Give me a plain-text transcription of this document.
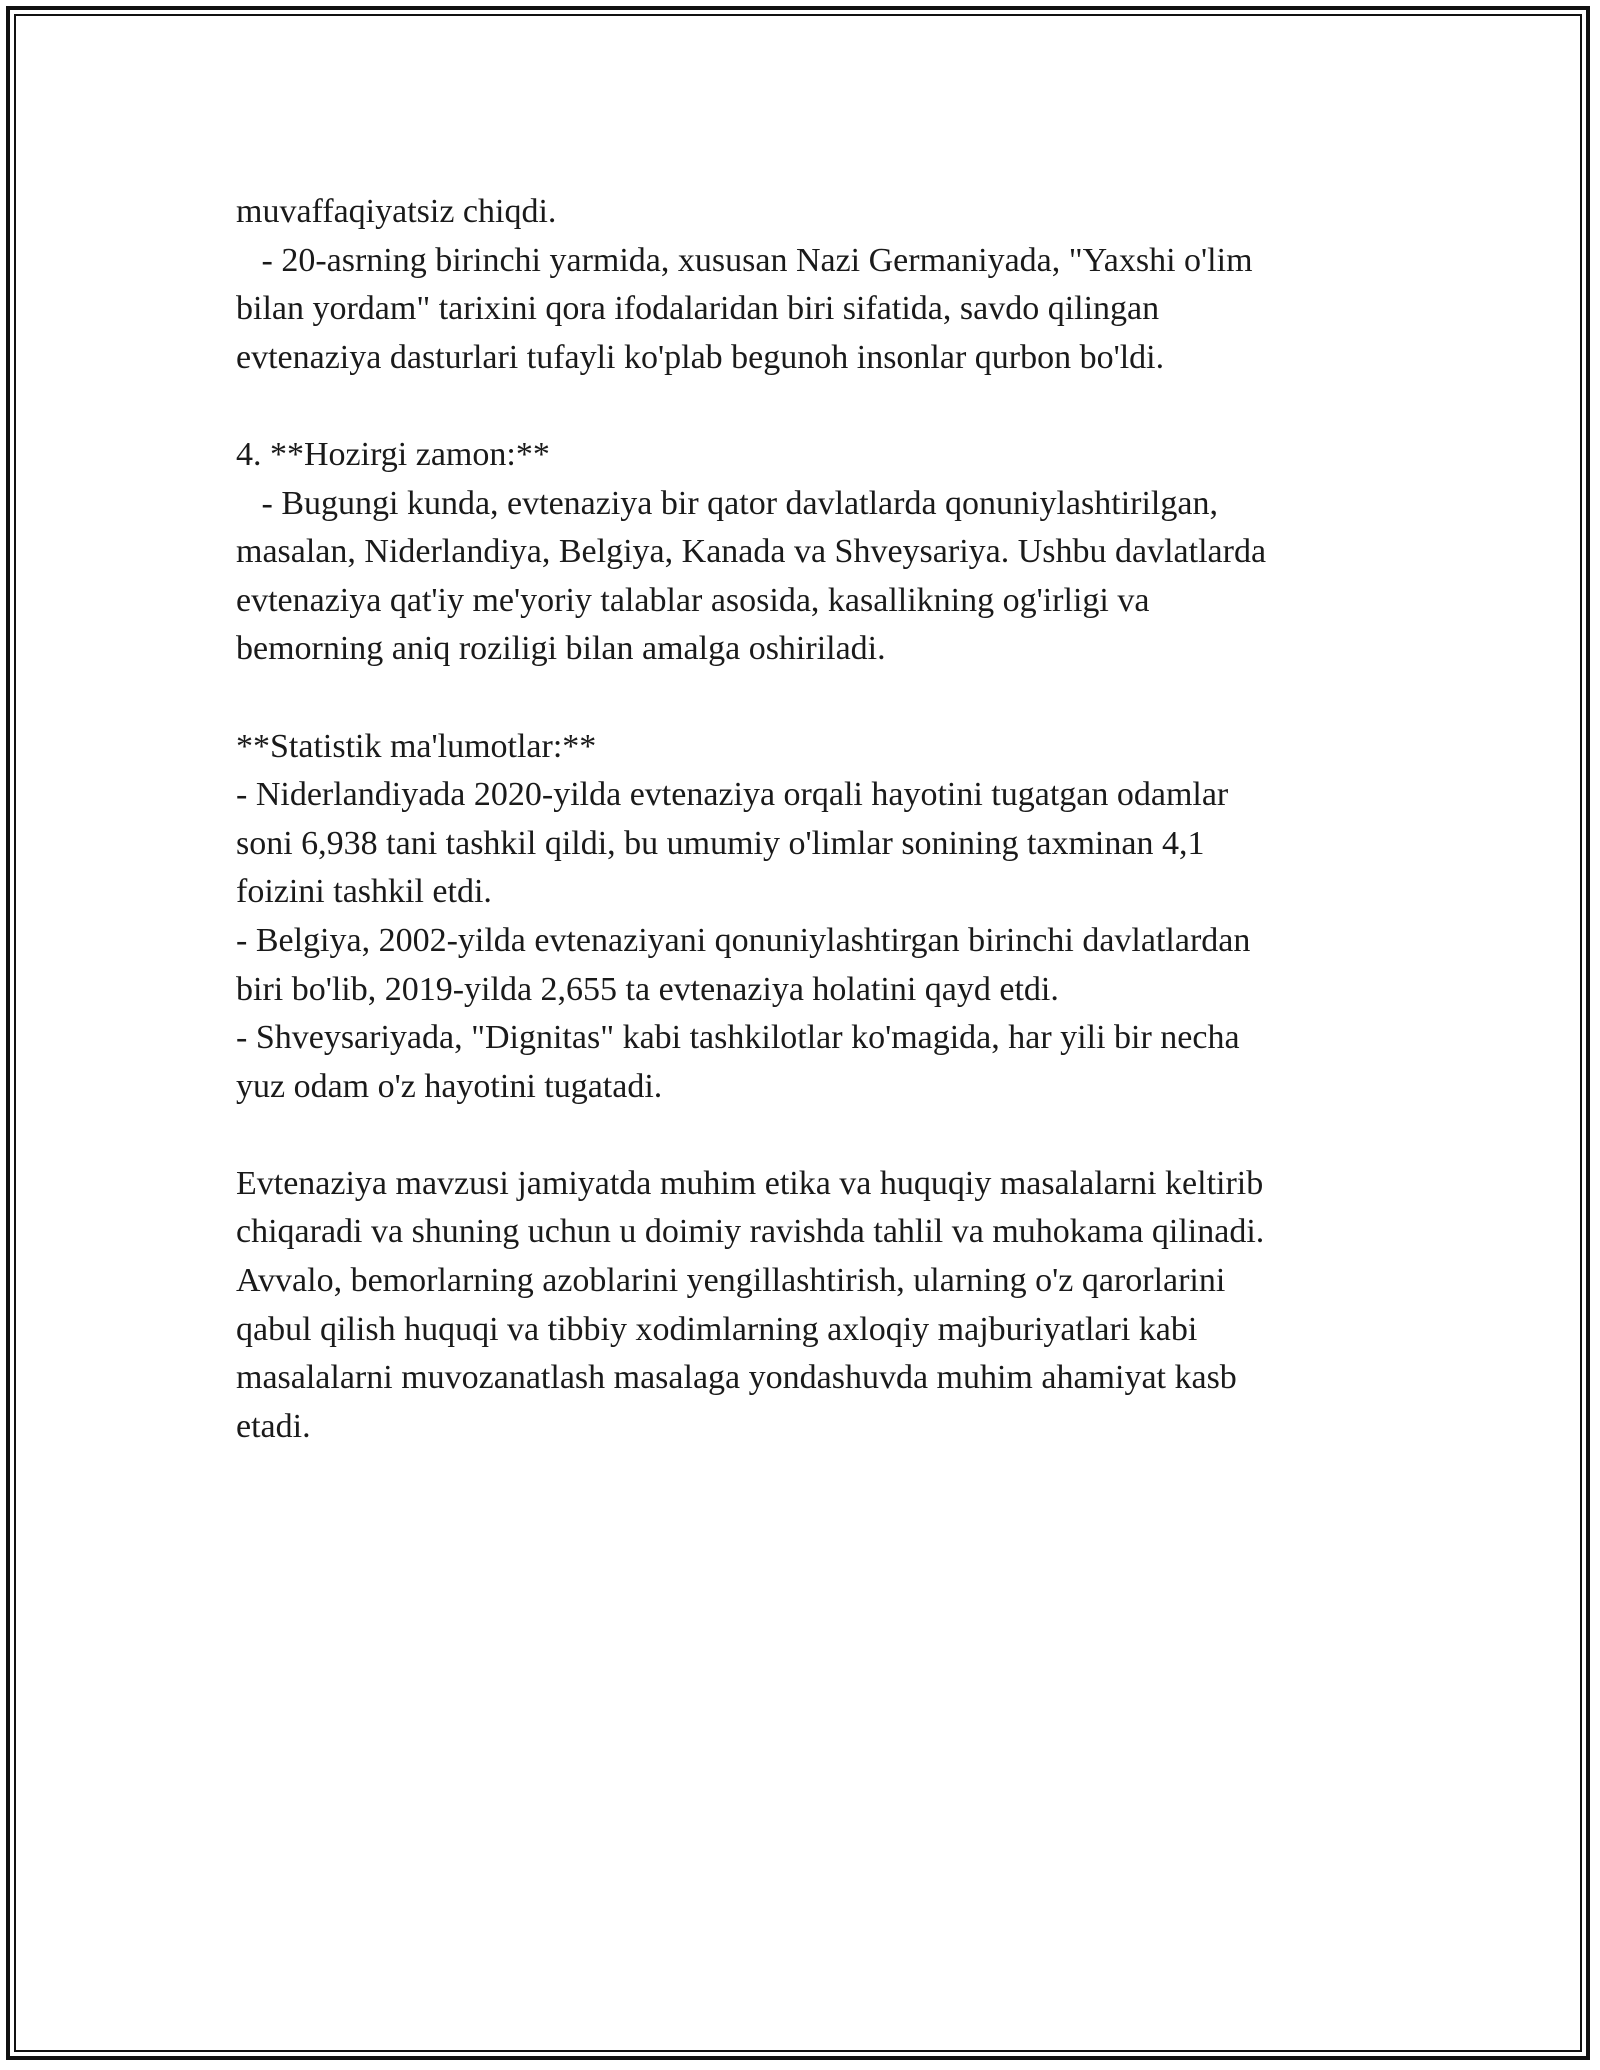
muvaffaqiyatsiz chiqdi.
- 20-asrning birinchi yarmida, xususan Nazi Germaniyada, "Yaxshi o'lim
bilan yordam" tarixini qora ifodalaridan biri sifatida, savdo qilingan
evtenaziya dasturlari tufayli ko'plab begunoh insonlar qurbon bo'ldi.
4. **Hozirgi zamon:**
- Bugungi kunda, evtenaziya bir qator davlatlarda qonuniylashtirilgan,
masalan, Niderlandiya, Belgiya, Kanada va Shveysariya. Ushbu davlatlarda
evtenaziya qat'iy me'yoriy talablar asosida, kasallikning og'irligi va
bemorning aniq roziligi bilan amalga oshiriladi.
**Statistik ma'lumotlar:**
- Niderlandiyada 2020-yilda evtenaziya orqali hayotini tugatgan odamlar
soni 6,938 tani tashkil qildi, bu umumiy o'limlar sonining taxminan 4,1
foizini tashkil etdi.
- Belgiya, 2002-yilda evtenaziyani qonuniylashtirgan birinchi davlatlardan
biri bo'lib, 2019-yilda 2,655 ta evtenaziya holatini qayd etdi.
- Shveysariyada, "Dignitas" kabi tashkilotlar ko'magida, har yili bir necha
yuz odam o'z hayotini tugatadi.
Evtenaziya mavzusi jamiyatda muhim etika va huquqiy masalalarni keltirib
chiqaradi va shuning uchun u doimiy ravishda tahlil va muhokama qilinadi.
Avvalo, bemorlarning azoblarini yengillashtirish, ularning o'z qarorlarini
qabul qilish huquqi va tibbiy xodimlarning axloqiy majburiyatlari kabi
masalalarni muvozanatlash masalaga yondashuvda muhim ahamiyat kasb
etadi.
